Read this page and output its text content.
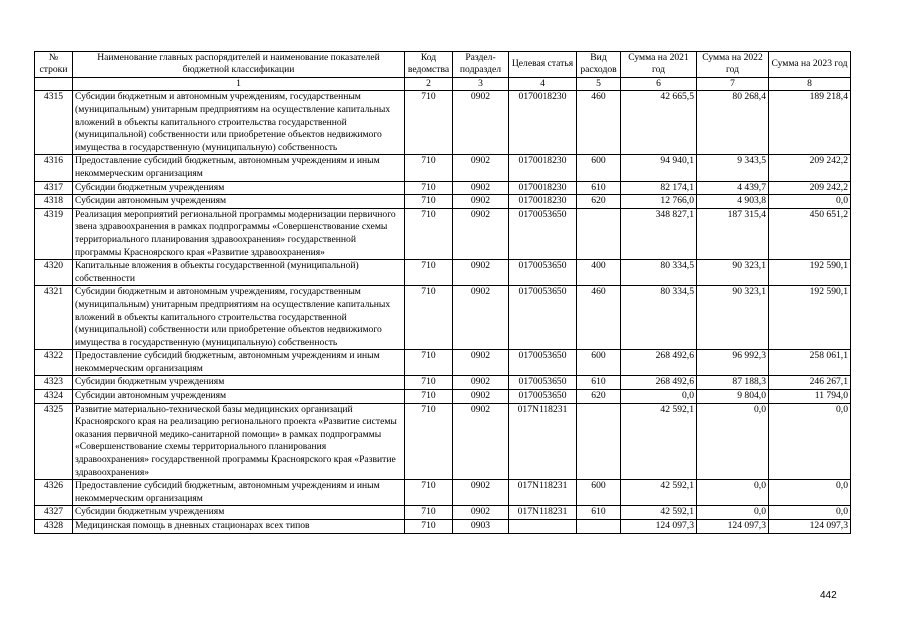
№ строки	Наименование главных распорядителей и наименование показателей бюджетной классификации	Код ведомства	Раздел-подраздел	Целевая статья	Вид расходов	Сумма на 2021 год	Сумма на 2022 год	Сумма на 2023 год
	1	2	3	4	5	6	7	8
4315	Субсидии бюджетным и автономным учреждениям, государственным (муниципальным) унитарным предприятиям на осуществление капитальных вложений в объекты капитального строительства государственной (муниципальной) собственности или приобретение объектов недвижимого имущества в государственную (муниципальную) собственность	710	0902	0170018230	460	42 665,5	80 268,4	189 218,4
4316	Предоставление субсидий бюджетным, автономным учреждениям и иным некоммерческим организациям	710	0902	0170018230	600	94 940,1	9 343,5	209 242,2
4317	Субсидии бюджетным учреждениям	710	0902	0170018230	610	82 174,1	4 439,7	209 242,2
4318	Субсидии автономным учреждениям	710	0902	0170018230	620	12 766,0	4 903,8	0,0
4319	Реализация мероприятий региональной программы модернизации первичного звена здравоохранения в рамках подпрограммы «Совершенствование схемы территориального планирования здравоохранения» государственной программы Красноярского края «Развитие здравоохранения»	710	0902	0170053650		348 827,1	187 315,4	450 651,2
4320	Капитальные вложения в объекты государственной (муниципальной) собственности	710	0902	0170053650	400	80 334,5	90 323,1	192 590,1
4321	Субсидии бюджетным и автономным учреждениям, государственным (муниципальным) унитарным предприятиям на осуществление капитальных вложений в объекты капитального строительства государственной (муниципальной) собственности или приобретение объектов недвижимого имущества в государственную (муниципальную) собственность	710	0902	0170053650	460	80 334,5	90 323,1	192 590,1
4322	Предоставление субсидий бюджетным, автономным учреждениям и иным некоммерческим организациям	710	0902	0170053650	600	268 492,6	96 992,3	258 061,1
4323	Субсидии бюджетным учреждениям	710	0902	0170053650	610	268 492,6	87 188,3	246 267,1
4324	Субсидии автономным учреждениям	710	0902	0170053650	620	0,0	9 804,0	11 794,0
4325	Развитие материально-технической базы медицинских организаций Красноярского края на реализацию регионального проекта «Развитие системы оказания первичной медико-санитарной помощи» в рамках подпрограммы «Совершенствование схемы территориального планирования здравоохранения» государственной программы Красноярского края «Развитие здравоохранения»	710	0902	017N118231		42 592,1	0,0	0,0
4326	Предоставление субсидий бюджетным, автономным учреждениям и иным некоммерческим организациям	710	0902	017N118231	600	42 592,1	0,0	0,0
4327	Субсидии бюджетным учреждениям	710	0902	017N118231	610	42 592,1	0,0	0,0
4328	Медицинская помощь в дневных стационарах всех типов	710	0903			124 097,3	124 097,3	124 097,3
442
